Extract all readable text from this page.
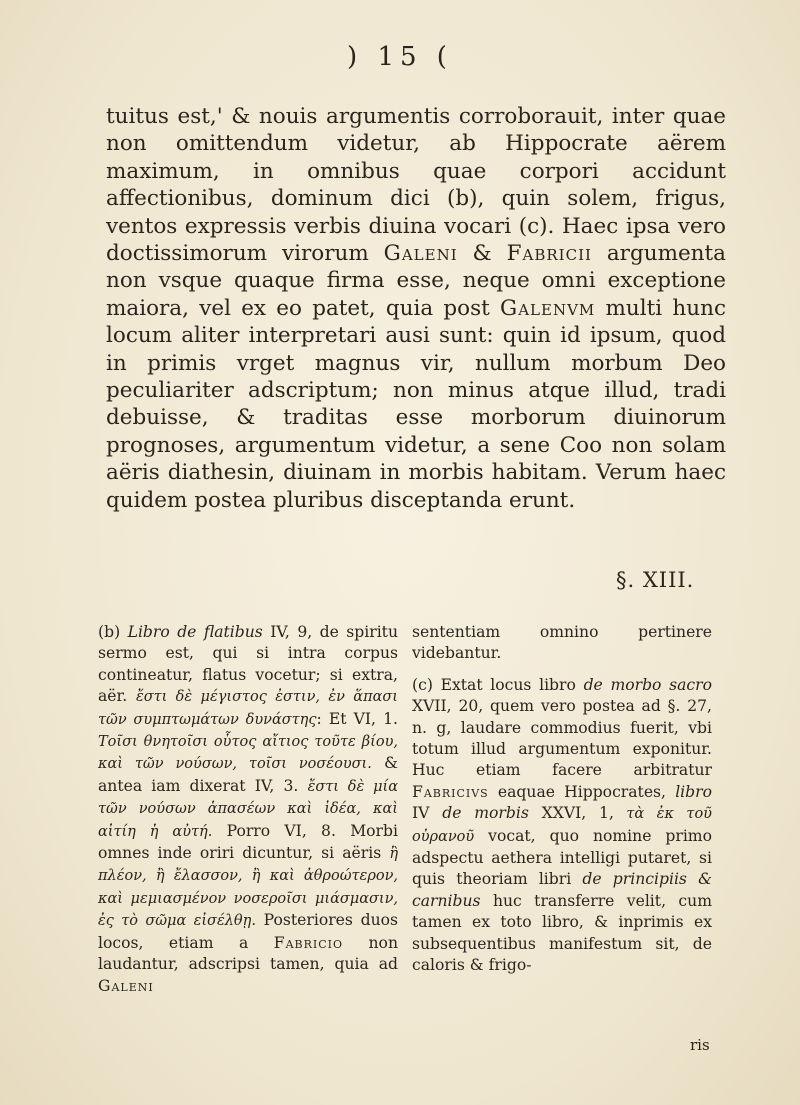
) 15 (

tuitus est,' & nouis argumentis corroborauit, inter quae non omittendum videtur, ab Hippocrate aërem maximum, in omnibus quae corpori accidunt affectionibus, dominum dici (b), quin solem, frigus, ventos expressis verbis diuina vocari (c). Haec ipsa vero doctissimorum virorum Galeni & Fabricii argumenta non vsque quaque firma esse, neque omni exceptione maiora, vel ex eo patet, quia post Galenvm multi hunc locum aliter interpretari ausi sunt: quin id ipsum, quod in primis vrget magnus vir, nullum morbum Deo peculiariter adscriptum; non minus atque illud, tradi debuisse, & traditas esse morborum diuinorum prognoses, argumentum videtur, a sene Coo non solam aëris diathesin, diuinam in morbis habitam. Verum haec quidem postea pluribus disceptanda erunt.

§. XIII.

(b) Libro de flatibus IV, 9, de spiritu sermo est, qui si intra corpus contineatur, flatus vocetur; si extra, aër. ἔστι δὲ μέγιστος ἐστιν, ἐν ἅπασι τῶν συμπτωμάτων δυνάστης: Et VI, 1. Τοῖσι θνητοῖσι οὗτος αἴτιος τοῦτε βίου, καὶ τῶν νούσων, τοῖσι νοσέουσι. & antea iam dixerat IV, 3. ἔστι δὲ μία τῶν νούσων ἁπασέων καὶ ἰδέα, καὶ αἰτίη ἡ αὐτή. Porro VI, 8. Morbi omnes inde oriri dicuntur, si aëris ἢ πλέον, ἢ ἔλασσον, ἢ καὶ ἀθροώτερον, καὶ μεμιασμένον νοσεροῖσι μιάσμασιν, ἐς τὸ σῶμα εἰσέλθῃ. Posteriores duos locos, etiam a Fabricio non laudantur, adscripsi tamen, quia ad Galeni

sententiam omnino pertinere videbantur.

(c) Extat locus libro de morbo sacro XVII, 20, quem vero postea ad §. 27, n. g, laudare commodius fuerit, vbi totum illud argumentum exponitur. Huc etiam facere arbitratur Fabricivs eaquae Hippocrates, libro IV de morbis XXVI, 1, τὰ ἐκ τοῦ οὐρανοῦ vocat, quo nomine primo adspectu aethera intelligi putaret, si quis theoriam libri de principiis & carnibus huc transferre velit, cum tamen ex toto libro, & inprimis ex subsequentibus manifestum sit, de caloris & frigo-

ris
